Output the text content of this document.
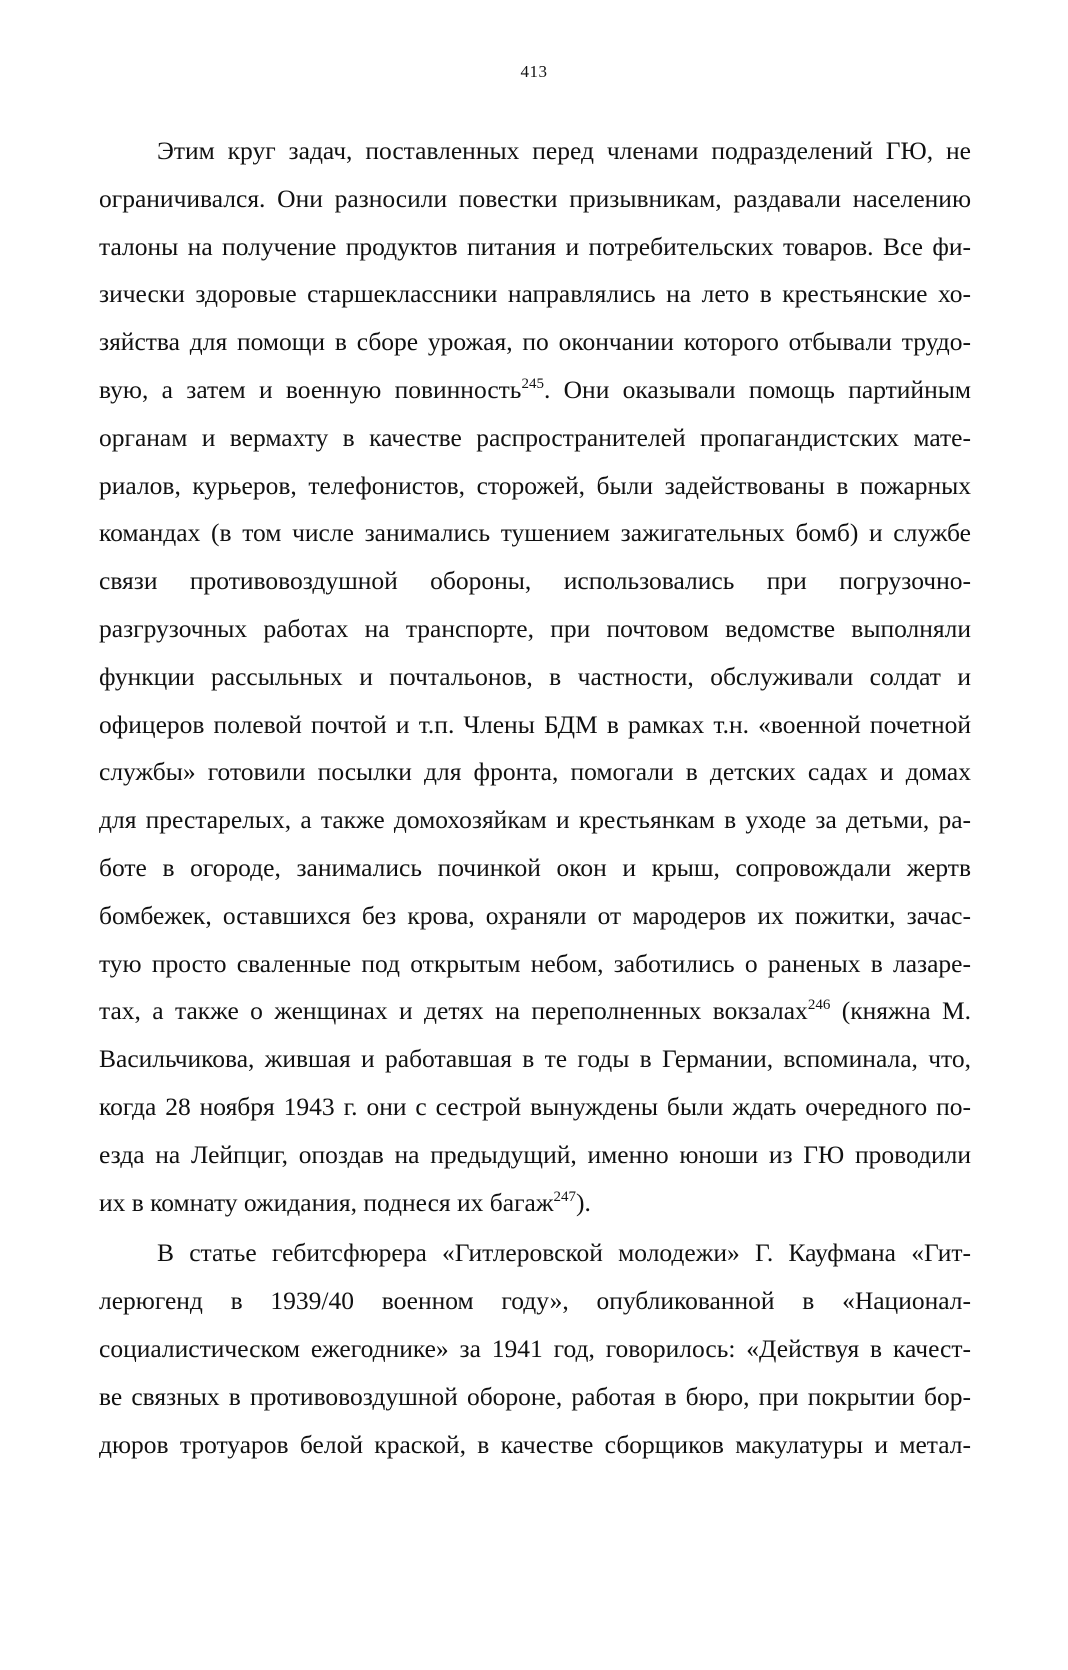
413
Этим круг задач, поставленных перед членами подразделений ГЮ, не
ограничивался. Они разносили повестки призывникам, раздавали населению
талоны на получение продуктов питания и потребительских товаров. Все фи-
зически здоровые старшеклассники направлялись на лето в крестьянские хо-
зяйства для помощи в сборе урожая, по окончании которого отбывали трудо-
вую, а затем и военную повинность$^{245}$. Они оказывали помощь партийным
органам и вермахту в качестве распространителей пропагандистских мате-
риалов, курьеров, телефонистов, сторожей, были задействованы в пожарных
командах (в том числе занимались тушением зажигательных бомб) и службе
связи противовоздушной обороны, использовались при погрузочно-
разгрузочных работах на транспорте, при почтовом ведомстве выполняли
функции рассыльных и почтальонов, в частности, обслуживали солдат и
офицеров полевой почтой и т.п. Члены БДМ в рамках т.н. «военной почетной
службы» готовили посылки для фронта, помогали в детских садах и домах
для престарелых, а также домохозяйкам и крестьянкам в уходе за детьми, ра-
боте в огороде, занимались починкой окон и крыш, сопровождали жертв
бомбежек, оставшихся без крова, охраняли от мародеров их пожитки, зачас-
тую просто сваленные под открытым небом, заботились о раненых в лазаре-
тах, а также о женщинах и детях на переполненных вокзалах$^{246}$ (княжна М.
Васильчикова, жившая и работавшая в те годы в Германии, вспоминала, что,
когда 28 ноября 1943 г. они с сестрой вынуждены были ждать очередного по-
езда на Лейпциг, опоздав на предыдущий, именно юноши из ГЮ проводили
их в комнату ожидания, поднеся их багаж$^{247}$).
В статье гебитсфюрера «Гитлеровской молодежи» Г. Кауфмана «Гит-
лерюгенд в 1939/40 военном году», опубликованной в «Национал-
социалистическом ежегоднике» за 1941 год, говорилось: «Действуя в качест-
ве связных в противовоздушной обороне, работая в бюро, при покрытии бор-
дюров тротуаров белой краской, в качестве сборщиков макулатуры и метал-
